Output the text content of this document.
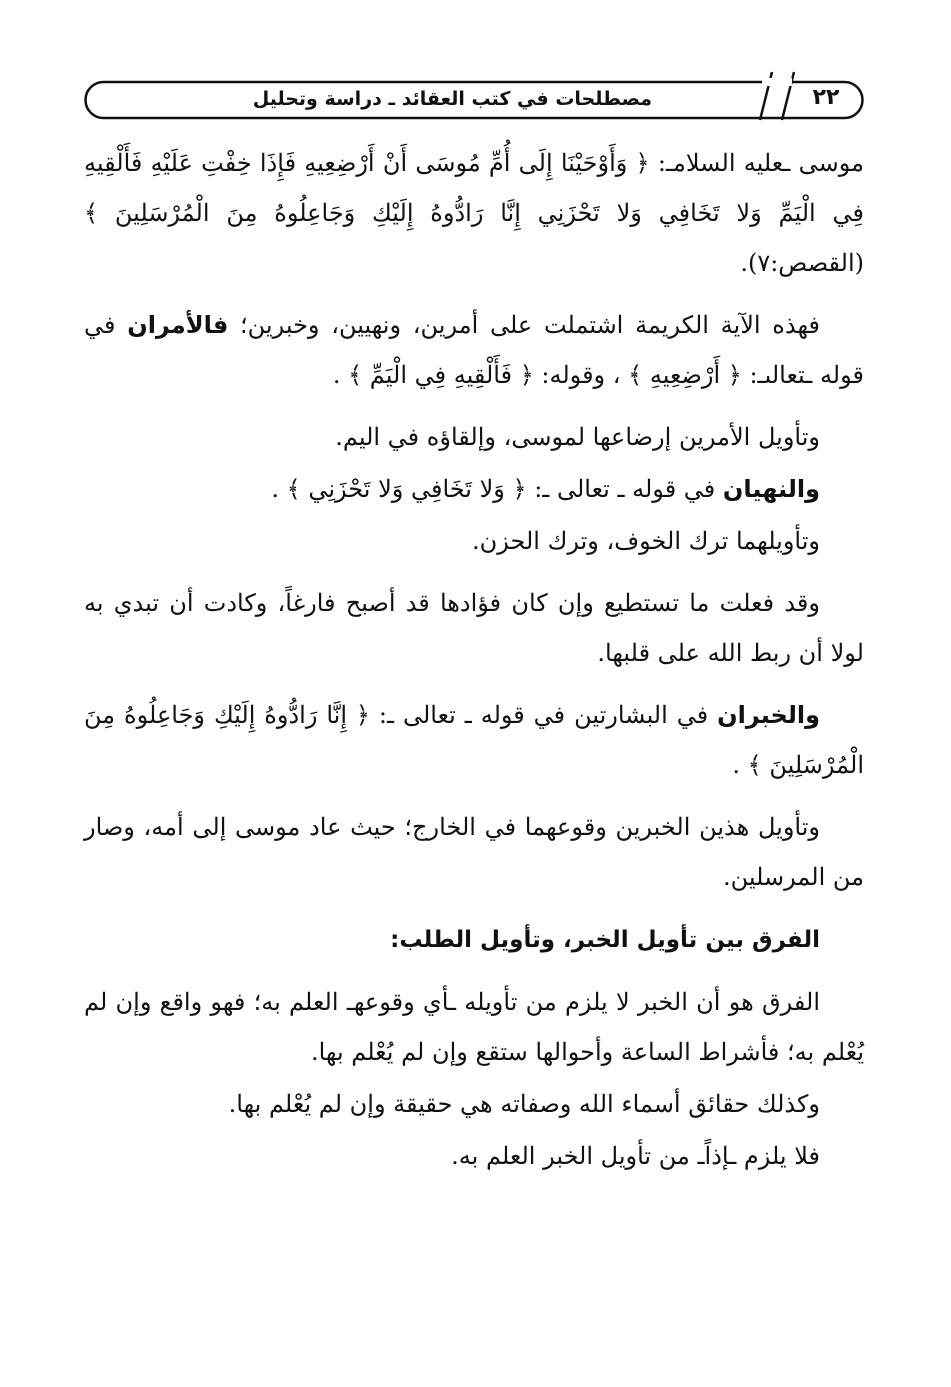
مصطلحات في كتب العقائد ـ دراسة وتحليل	٢٢

موسى ـعليه السلامـ: ﴿ وَأَوْحَيْنَا إِلَى أُمِّ مُوسَى أَنْ أَرْضِعِيهِ فَإِذَا خِفْتِ عَلَيْهِ فَأَلْقِيهِ فِي الْيَمِّ وَلا تَخَافِي وَلا تَحْزَنِي إِنَّا رَادُّوهُ إِلَيْكِ وَجَاعِلُوهُ مِنَ الْمُرْسَلِينَ ﴾ (القصص:٧).

فهذه الآية الكريمة اشتملت على أمرين، ونهيين، وخبرين؛ فالأمران في قوله ـتعالىـ: ﴿ أَرْضِعِيهِ ﴾ ، وقوله: ﴿ فَأَلْقِيهِ فِي الْيَمِّ ﴾ .

وتأويل الأمرين إرضاعها لموسى، وإلقاؤه في اليم.

والنهيان في قوله ـ تعالى ـ: ﴿ وَلا تَخَافِي وَلا تَحْزَنِي ﴾ .

وتأويلهما ترك الخوف، وترك الحزن.

وقد فعلت ما تستطيع وإن كان فؤادها قد أصبح فارغاً، وكادت أن تبدي به لولا أن ربط الله على قلبها.

والخبران في البشارتين في قوله ـ تعالى ـ: ﴿ إِنَّا رَادُّوهُ إِلَيْكِ وَجَاعِلُوهُ مِنَ الْمُرْسَلِينَ ﴾ .

وتأويل هذين الخبرين وقوعهما في الخارج؛ حيث عاد موسى إلى أمه، وصار من المرسلين.

الفرق بين تأويل الخبر، وتأويل الطلب:

الفرق هو أن الخبر لا يلزم من تأويله ـأي وقوعهـ العلم به؛ فهو واقع وإن لم يُعْلم به؛ فأشراط الساعة وأحوالها ستقع وإن لم يُعْلم بها.

وكذلك حقائق أسماء الله وصفاته هي حقيقة وإن لم يُعْلم بها.

فلا يلزم ـإذاًـ من تأويل الخبر العلم به.
